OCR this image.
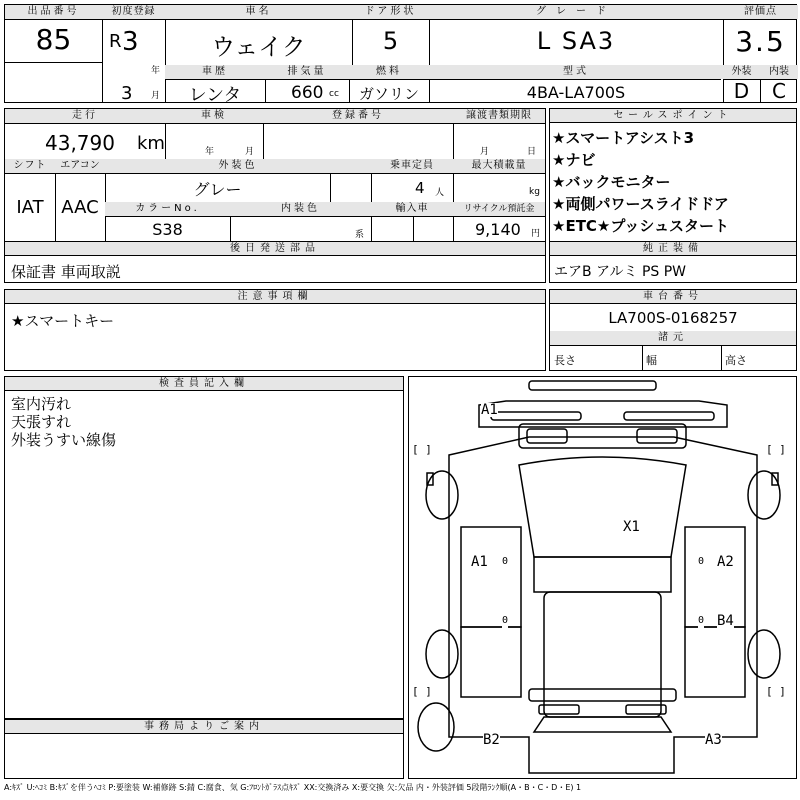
出品番号
85
初度登録
R 3
年
3 月
車名
ウェイク
ドア形状
5
グレード
L SA3
評価点
3.5
車歴
レンタ
排気量
660 cc
燃料
ガソリン
型式
4BA-LA700S
外装
D
内装
C
走行
43,790 km
車検
年	月
登録番号	譲渡書類期限
月	日
シフト
IAT
エアコン
AAC
外装色
グレー
乗車定員
4 人
最大積載量
kg
カラーNo.
S38
内装色
系
輸入車	リサイクル預託金
9,140 円
セールスポイント
★スマートアシスト3
★ナビ
★バックモニター
★両側パワースライドドア
★ETC★プッシュスタート
後日発送部品
保証書 車両取説
純正装備
エアB アルミ PS PW
注意事項欄
★スマートキー
車台番号
LA700S-0168257
諸元
長さ	幅	高さ
検査員記入欄
室内汚れ
天張すれ
外装うすい線傷
事務局よりご案内
A1
X1
A1	A2
B4
B2	A3
[ ]	[ ]
[ ]	[ ]
0	0
0	0
A:ｷｽﾞ U:ﾍｺﾐ B:ｷｽﾞを伴うﾍｺﾐ P:要塗装 W:補修跡 S:錆 C:腐食、気 G:ﾌﾛﾝﾄｶﾞﾗｽ点ｷｽﾞ XX:交換済み X:要交換 欠:欠品 内・外装評価 5段階ﾗﾝｸ順(A・B・C・D・E) 1
